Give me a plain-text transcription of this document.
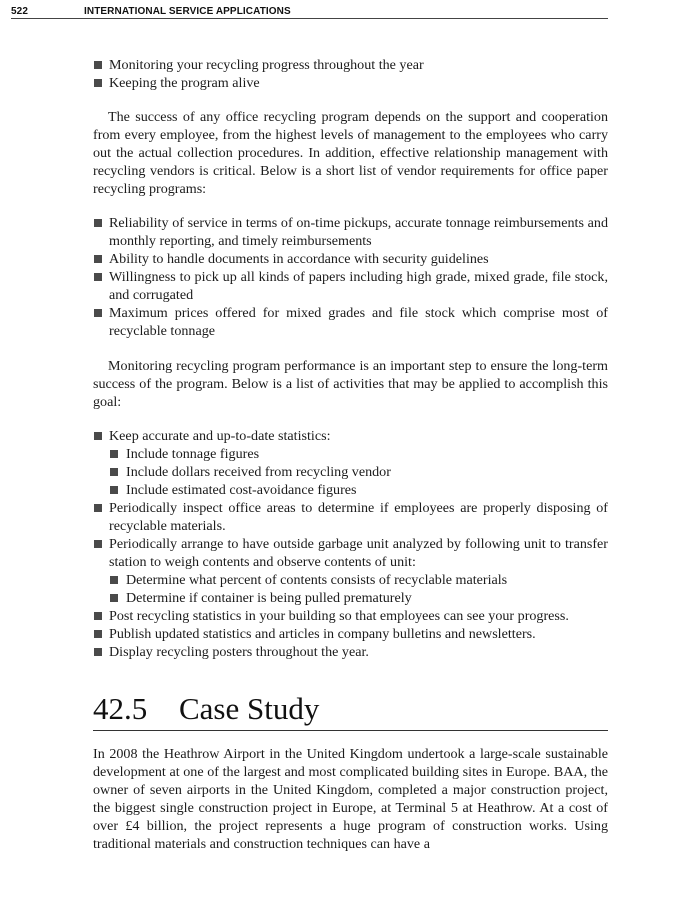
522	INTERNATIONAL SERVICE APPLICATIONS
Monitoring your recycling progress throughout the year
Keeping the program alive

The success of any office recycling program depends on the support and cooperation from every employee, from the highest levels of management to the employees who carry out the actual collection procedures. In addition, effective relationship management with recycling vendors is critical. Below is a short list of vendor requirements for office paper recycling programs:

Reliability of service in terms of on-time pickups, accurate tonnage reimbursements and monthly reporting, and timely reimbursements
Ability to handle documents in accordance with security guidelines
Willingness to pick up all kinds of papers including high grade, mixed grade, file stock, and corrugated
Maximum prices offered for mixed grades and file stock which comprise most of recyclable tonnage

Monitoring recycling program performance is an important step to ensure the long-term success of the program. Below is a list of activities that may be applied to accomplish this goal:

Keep accurate and up-to-date statistics:
Include tonnage figures
Include dollars received from recycling vendor
Include estimated cost-avoidance figures
Periodically inspect office areas to determine if employees are properly disposing of recyclable materials.
Periodically arrange to have outside garbage unit analyzed by following unit to transfer station to weigh contents and observe contents of unit:
Determine what percent of contents consists of recyclable materials
Determine if container is being pulled prematurely
Post recycling statistics in your building so that employees can see your progress.
Publish updated statistics and articles in company bulletins and newsletters.
Display recycling posters throughout the year.
42.5 Case Study

In 2008 the Heathrow Airport in the United Kingdom undertook a large-scale sustainable development at one of the largest and most complicated building sites in Europe. BAA, the owner of seven airports in the United Kingdom, completed a major construction project, the biggest single construction project in Europe, at Terminal 5 at Heathrow. At a cost of over £4 billion, the project represents a huge program of construction works. Using traditional materials and construction techniques can have a
